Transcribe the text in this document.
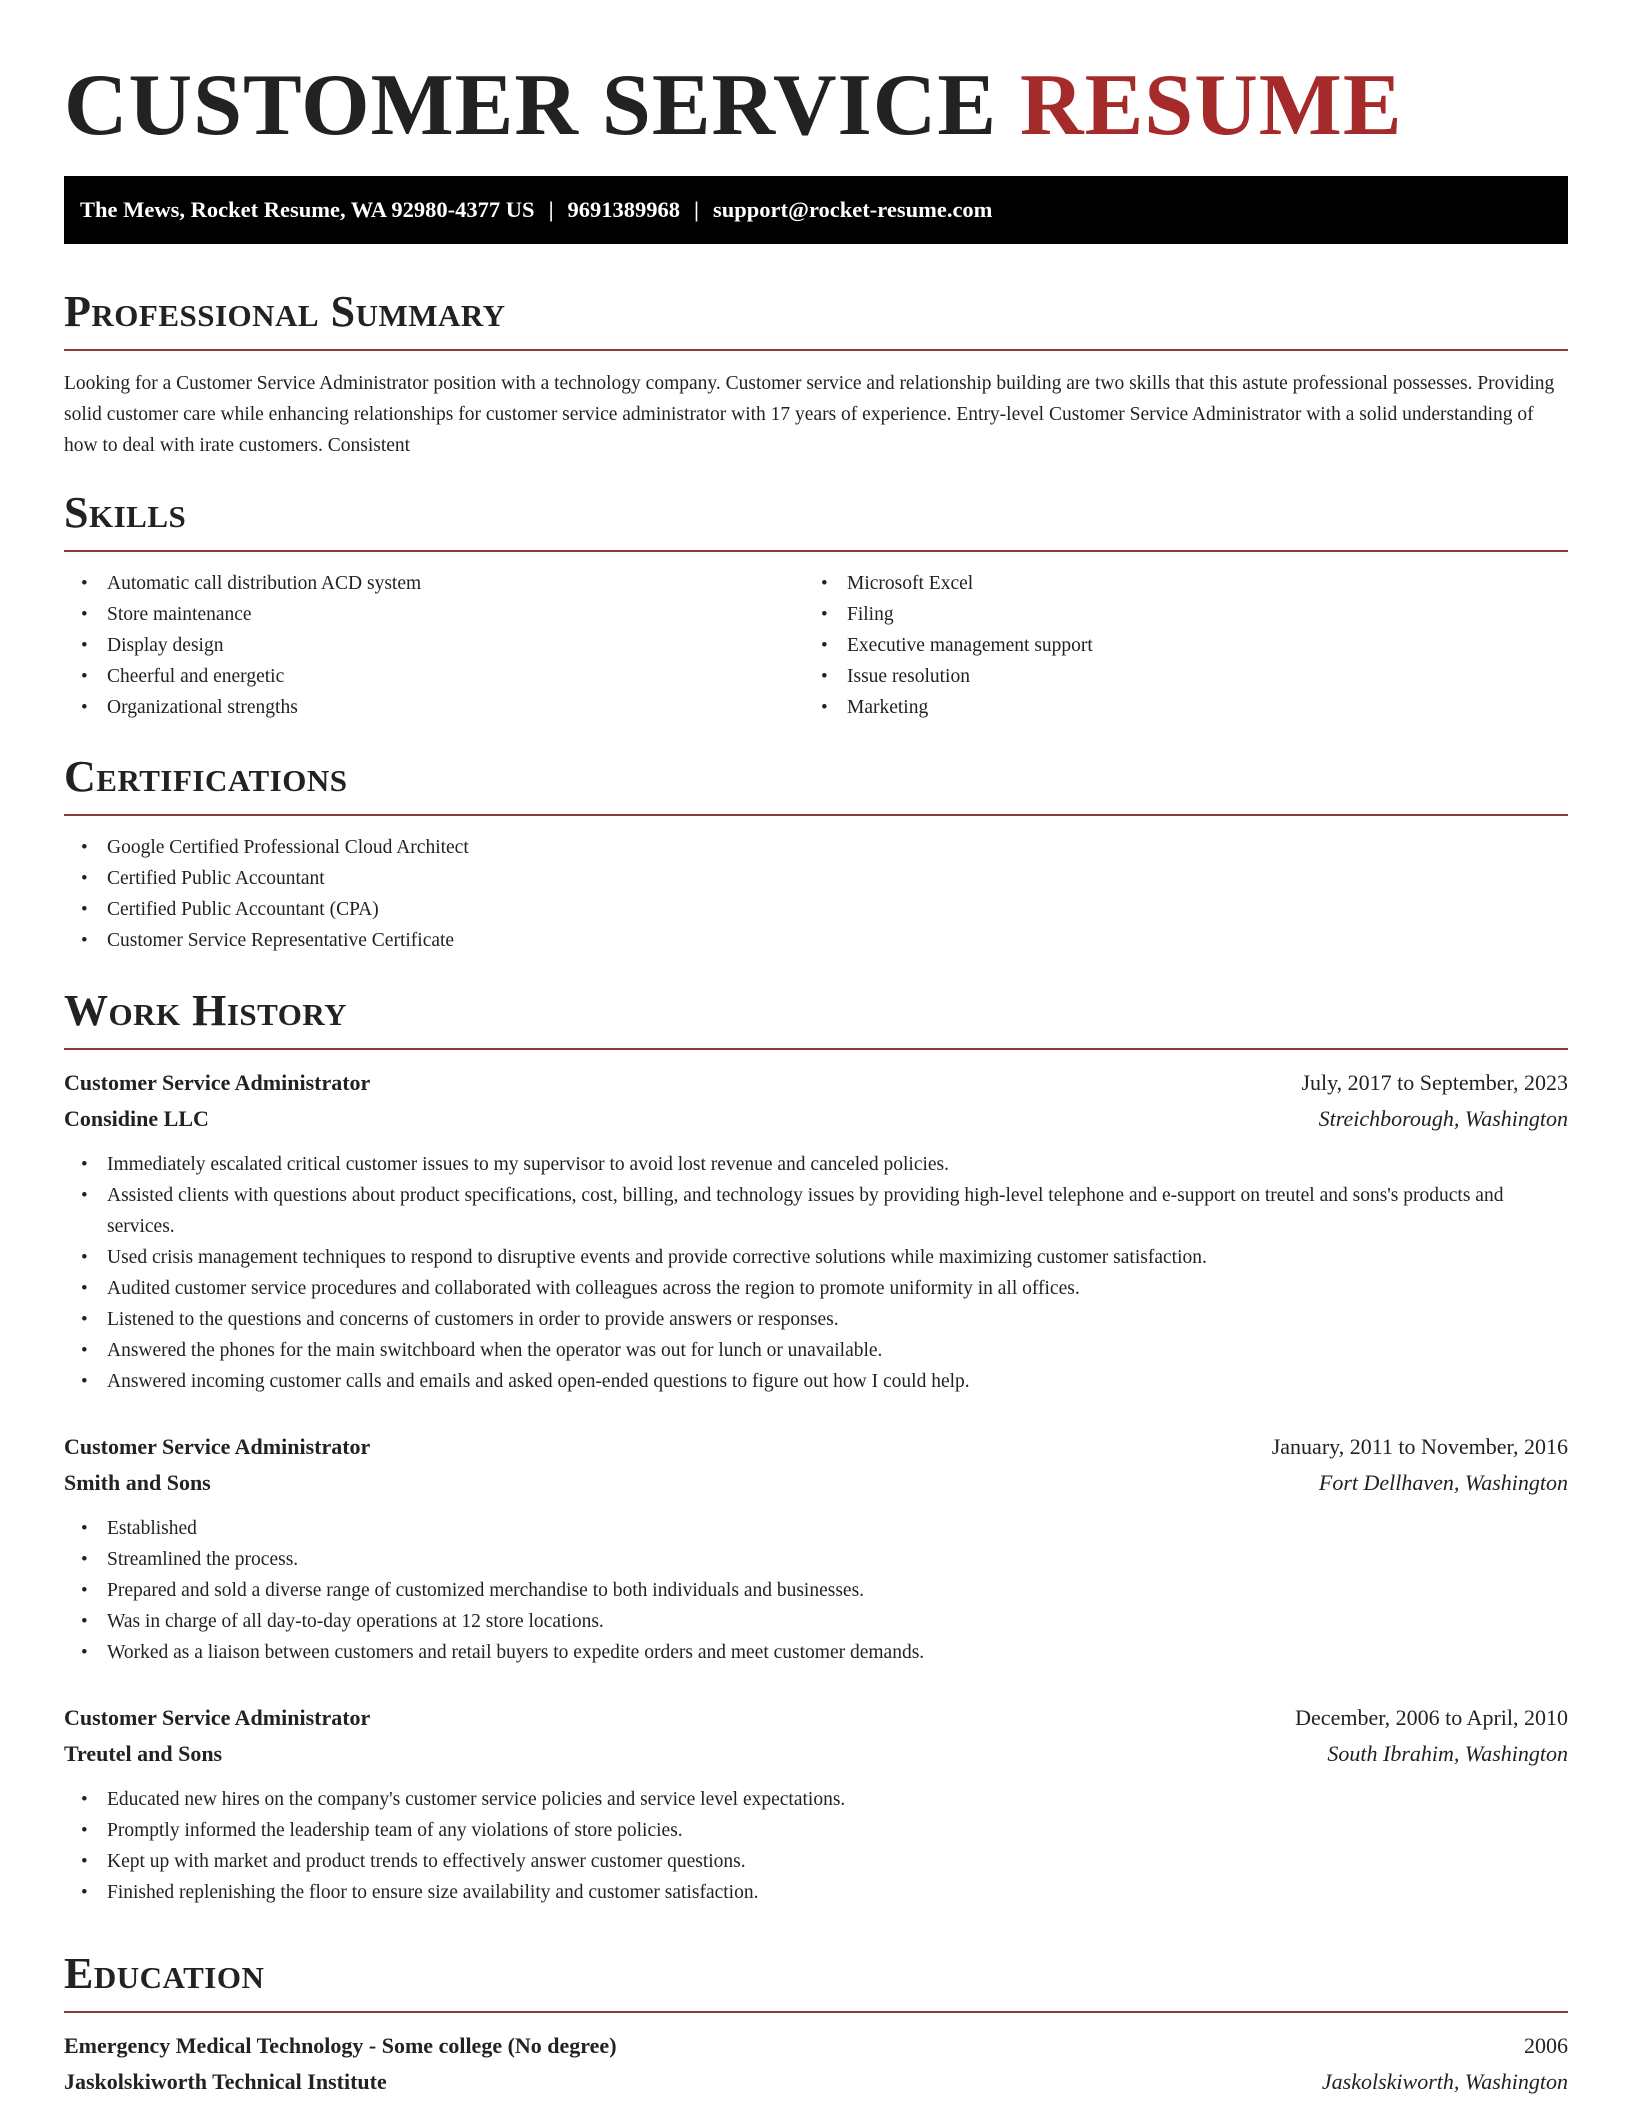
CUSTOMER SERVICE RESUME
The Mews, Rocket Resume, WA 92980-4377 US | 9691389968 | support@rocket-resume.com
Professional Summary

Looking for a Customer Service Administrator position with a technology company. Customer service and relationship building are two skills that this astute professional possesses. Providing solid customer care while enhancing relationships for customer service administrator with 17 years of experience. Entry-level Customer Service Administrator with a solid understanding of how to deal with irate customers. Consistent

Skills
• Automatic call distribution ACD system
• Store maintenance
• Display design
• Cheerful and energetic
• Organizational strengths
• Microsoft Excel
• Filing
• Executive management support
• Issue resolution
• Marketing
Certifications
• Google Certified Professional Cloud Architect
• Certified Public Accountant
• Certified Public Accountant (CPA)
• Customer Service Representative Certificate
Work History
Customer Service Administrator	July, 2017 to September, 2023
Considine LLC	Streichborough, Washington
• Immediately escalated critical customer issues to my supervisor to avoid lost revenue and canceled policies.
• Assisted clients with questions about product specifications, cost, billing, and technology issues by providing high-level telephone and e-support on treutel and sons's products and services.
• Used crisis management techniques to respond to disruptive events and provide corrective solutions while maximizing customer satisfaction.
• Audited customer service procedures and collaborated with colleagues across the region to promote uniformity in all offices.
• Listened to the questions and concerns of customers in order to provide answers or responses.
• Answered the phones for the main switchboard when the operator was out for lunch or unavailable.
• Answered incoming customer calls and emails and asked open-ended questions to figure out how I could help.
Customer Service Administrator	January, 2011 to November, 2016
Smith and Sons	Fort Dellhaven, Washington
• Established
• Streamlined the process.
• Prepared and sold a diverse range of customized merchandise to both individuals and businesses.
• Was in charge of all day-to-day operations at 12 store locations.
• Worked as a liaison between customers and retail buyers to expedite orders and meet customer demands.
Customer Service Administrator	December, 2006 to April, 2010
Treutel and Sons	South Ibrahim, Washington
• Educated new hires on the company's customer service policies and service level expectations.
• Promptly informed the leadership team of any violations of store policies.
• Kept up with market and product trends to effectively answer customer questions.
• Finished replenishing the floor to ensure size availability and customer satisfaction.
Education
Emergency Medical Technology - Some college (No degree)	2006
Jaskolskiworth Technical Institute	Jaskolskiworth, Washington
